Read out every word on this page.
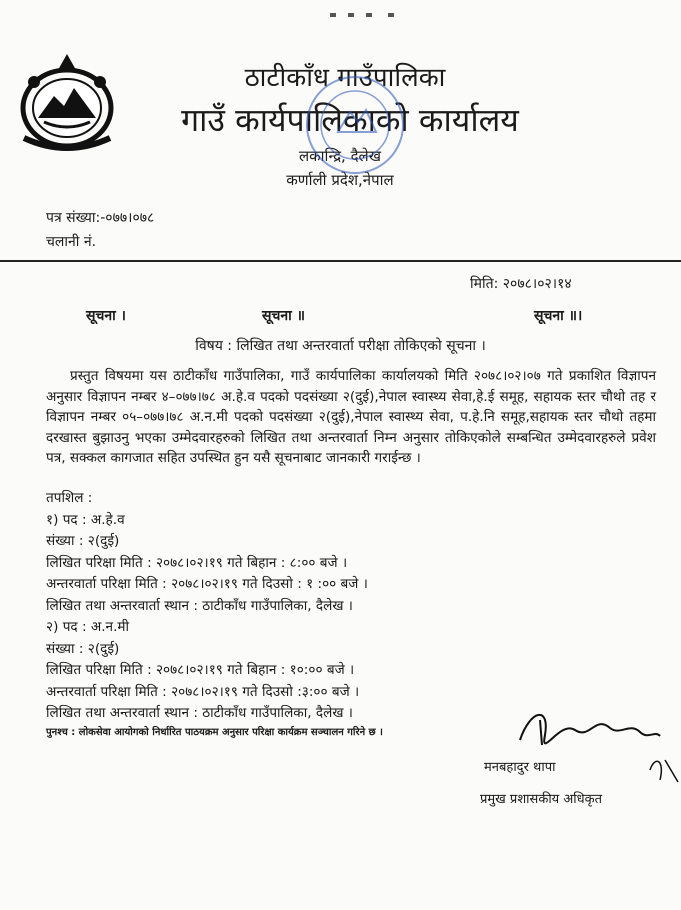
ठाटीकाँध गाउँपालिका
गाउँ कार्यपालिकाको कार्यालय
लकान्द्रि, दैलेख
कर्णाली प्रदेश,नेपाल
पत्र संख्या:-०७७।०७८
चलानी नं.
मिति: २०७८।०२।१४
सूचना ।	सूचना ॥	सूचना ॥।
विषय : लिखित तथा अन्तरवार्ता परीक्षा तोकिएको सूचना ।
प्रस्तुत विषयमा यस ठाटीकाँध गाउँपालिका, गाउँ कार्यपालिका कार्यालयको मिति २०७८।०२।०७ गते प्रकाशित विज्ञापन अनुसार विज्ञापन नम्बर ४–०७७।७८ अ.हे.व पदको पदसंख्या २(दुई),नेपाल स्वास्थ्य सेवा,हे.ई समूह, सहायक स्तर चौथो तह र विज्ञापन नम्बर ०५–०७७।७८ अ.न.मी पदको पदसंख्या २(दुई),नेपाल स्वास्थ्य सेवा, प.हे.नि समूह,सहायक स्तर चौथो तहमा दरखास्त बुझाउनु भएका उम्मेदवारहरुको लिखित तथा अन्तरवार्ता निम्न अनुसार तोकिएकोले सम्बन्धित उम्मेदवारहरुले प्रवेश पत्र, सक्कल कागजात सहित उपस्थित हुन यसै सूचनाबाट जानकारी गराईन्छ ।
तपशिल :
१) पद : अ.हे.व
संख्या : २(दुई)
लिखित परिक्षा मिति : २०७८।०२।१९ गते बिहान : ८:०० बजे ।
अन्तरवार्ता परिक्षा मिति : २०७८।०२।१९ गते दिउसो : १ :०० बजे ।
लिखित तथा अन्तरवार्ता स्थान : ठाटीकाँध गाउँपालिका, दैलेख ।
२) पद : अ.न.मी
संख्या : २(दुई)
लिखित परिक्षा मिति : २०७८।०२।१९ गते बिहान : १०:०० बजे ।
अन्तरवार्ता परिक्षा मिति : २०७८।०२।१९ गते दिउसो :३:०० बजे ।
लिखित तथा अन्तरवार्ता स्थान : ठाटीकाँध गाउँपालिका, दैलेख ।
पुनश्च : लोकसेवा आयोगको निर्धारित पाठयक्रम अनुसार परिक्षा कार्यक्रम सञ्चालन गरिने छ ।
मनबहादुर थापा
प्रमुख प्रशासकीय अधिकृत
